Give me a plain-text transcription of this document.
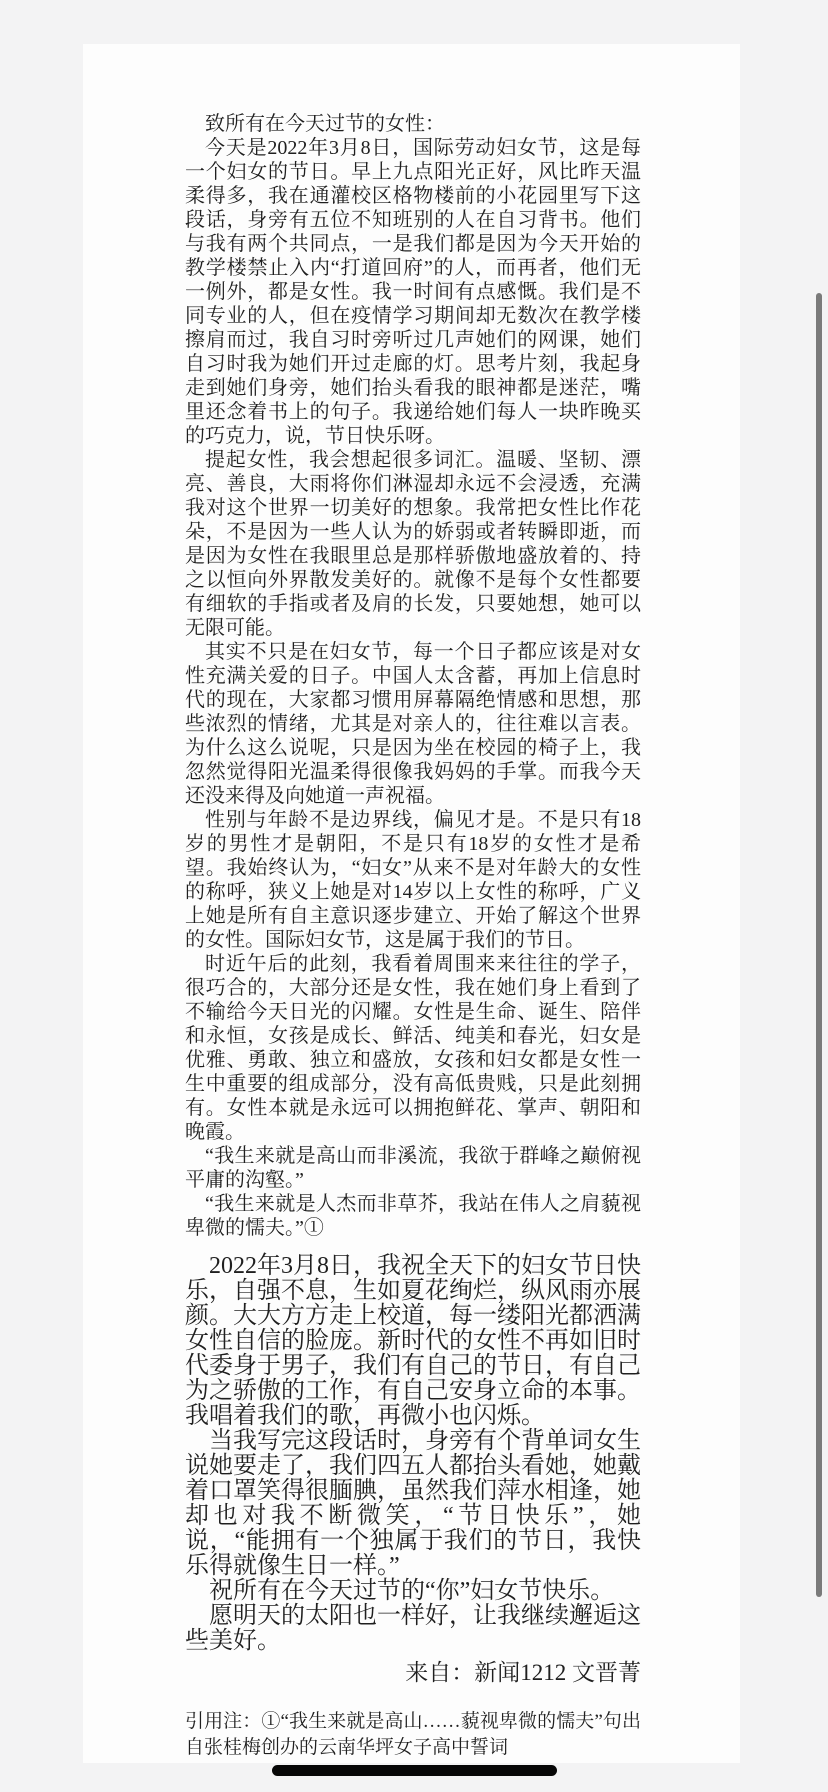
致所有在今天过节的女性：

今天是2022年3月8日，国际劳动妇女节，这是每一个妇女的节日。早上九点阳光正好，风比昨天温柔得多，我在通灌校区格物楼前的小花园里写下这段话，身旁有五位不知班别的人在自习背书。他们与我有两个共同点，一是我们都是因为今天开始的教学楼禁止入内“打道回府”的人，而再者，他们无一例外，都是女性。我一时间有点感慨。我们是不同专业的人，但在疫情学习期间却无数次在教学楼擦肩而过，我自习时旁听过几声她们的网课，她们自习时我为她们开过走廊的灯。思考片刻，我起身走到她们身旁，她们抬头看我的眼神都是迷茫，嘴里还念着书上的句子。我递给她们每人一块昨晚买的巧克力，说，节日快乐呀。

提起女性，我会想起很多词汇。温暖、坚韧、漂亮、善良，大雨将你们淋湿却永远不会浸透，充满我对这个世界一切美好的想象。我常把女性比作花朵，不是因为一些人认为的娇弱或者转瞬即逝，而是因为女性在我眼里总是那样骄傲地盛放着的、持之以恒向外界散发美好的。就像不是每个女性都要有细软的手指或者及肩的长发，只要她想，她可以无限可能。

其实不只是在妇女节，每一个日子都应该是对女性充满关爱的日子。中国人太含蓄，再加上信息时代的现在，大家都习惯用屏幕隔绝情感和思想，那些浓烈的情绪，尤其是对亲人的，往往难以言表。为什么这么说呢，只是因为坐在校园的椅子上，我忽然觉得阳光温柔得很像我妈妈的手掌。而我今天还没来得及向她道一声祝福。

性别与年龄不是边界线，偏见才是。不是只有18岁的男性才是朝阳，不是只有18岁的女性才是希望。我始终认为，“妇女”从来不是对年龄大的女性的称呼，狭义上她是对14岁以上女性的称呼，广义上她是所有自主意识逐步建立、开始了解这个世界的女性。国际妇女节，这是属于我们的节日。

时近午后的此刻，我看着周围来来往往的学子，很巧合的，大部分还是女性，我在她们身上看到了不输给今天日光的闪耀。女性是生命、诞生、陪伴和永恒，女孩是成长、鲜活、纯美和春光，妇女是优雅、勇敢、独立和盛放，女孩和妇女都是女性一生中重要的组成部分，没有高低贵贱，只是此刻拥有。女性本就是永远可以拥抱鲜花、掌声、朝阳和晚霞。

“我生来就是高山而非溪流，我欲于群峰之巅俯视平庸的沟壑。”

“我生来就是人杰而非草芥，我站在伟人之肩藐视卑微的懦夫。”①

2022年3月8日，我祝全天下的妇女节日快乐，自强不息，生如夏花绚烂，纵风雨亦展颜。大大方方走上校道，每一缕阳光都洒满女性自信的脸庞。新时代的女性不再如旧时代委身于男子，我们有自己的节日，有自己为之骄傲的工作，有自己安身立命的本事。我唱着我们的歌，再微小也闪烁。

当我写完这段话时，身旁有个背单词女生说她要走了，我们四五人都抬头看她，她戴着口罩笑得很腼腆，虽然我们萍水相逢，她却也对我不断微笑，“节日快乐”，她说，“能拥有一个独属于我们的节日，我快乐得就像生日一样。”

祝所有在今天过节的“你”妇女节快乐。

愿明天的太阳也一样好，让我继续邂逅这些美好。

来自：新闻1212 文晋菁

引用注：①“我生来就是高山……藐视卑微的懦夫”句出自张桂梅创办的云南华坪女子高中誓词
